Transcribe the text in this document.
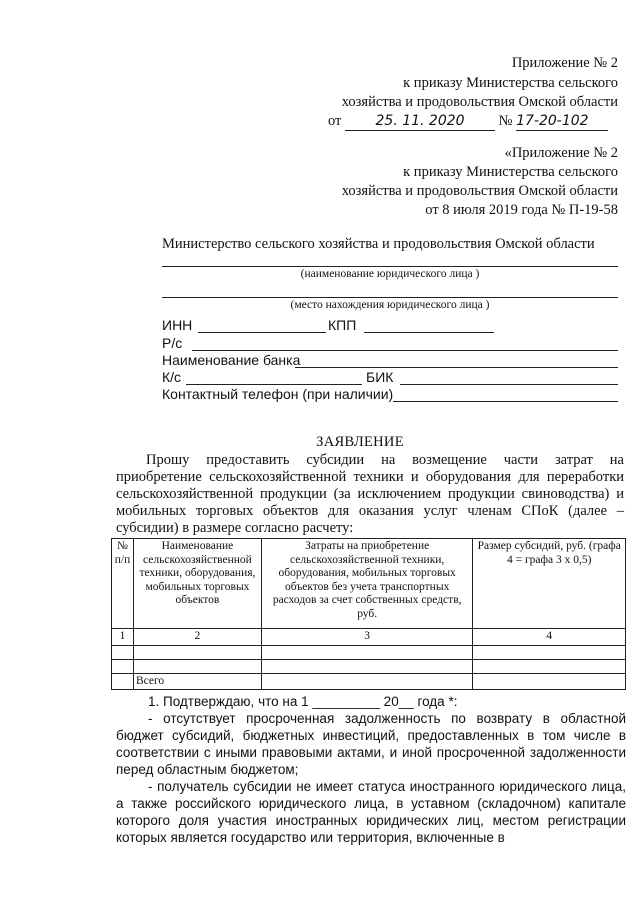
Приложение № 2
к приказу Министерства сельского
хозяйства и продовольствия Омской области
от 25. 11. 2020 № 17-20-102
«Приложение № 2
к приказу Министерства сельского
хозяйства и продовольствия Омской области
от 8 июля 2019 года № П-19-58
Министерство сельского хозяйства и продовольствия Омской области
(наименование юридического лица )
(место нахождения юридического лица )
ИНН	КПП
Р/с
Наименование банка
К/с	БИК
Контактный телефон (при наличии)
ЗАЯВЛЕНИЕ
Прошу предоставить субсидии на возмещение части затрат на
приобретение сельскохозяйственной техники и оборудования для переработки сельскохозяйственной продукции (за исключением продукции свиноводства) и мобильных торговых объектов для оказания услуг членам СПоК (далее – субсидии) в размере согласно расчету:
№ п/п	Наименование сельскохозяйственной техники, оборудования, мобильных торговых объектов	Затраты на приобретение сельскохозяйственной техники, оборудования, мобильных торговых объектов без учета транспортных расходов за счет собственных средств, руб.	Размер субсидий, руб. (графа 4 = графа 3 х 0,5)
1	2	3	4

	Всего		
1. Подтверждаю, что на 1 _________ 20__ года *:
- отсутствует просроченная задолженность по возврату в областной бюджет субсидий, бюджетных инвестиций, предоставленных в том числе в соответствии с иными правовыми актами, и иной просроченной задолженности перед областным бюджетом;
- получатель субсидии не имеет статуса иностранного юридического лица, а также российского юридического лица, в уставном (складочном) капитале которого доля участия иностранных юридических лиц, местом регистрации которых является государство или территория, включенные в
